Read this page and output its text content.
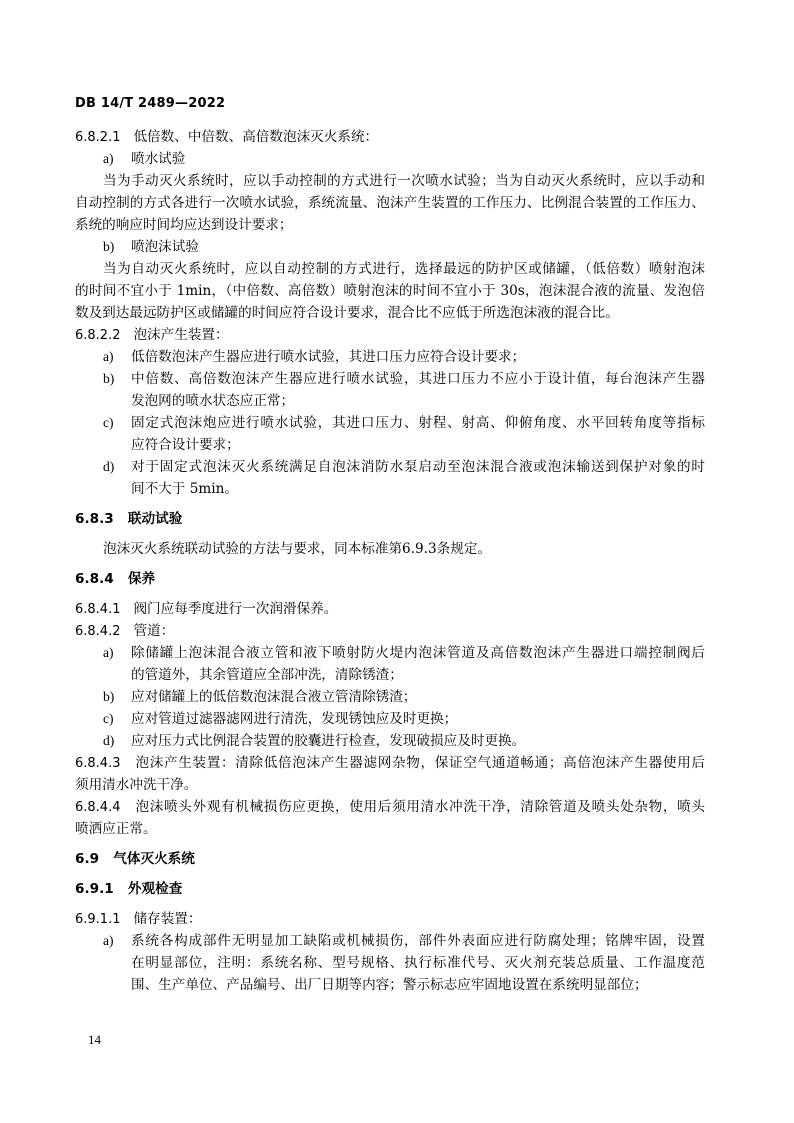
DB 14/T 2489—2022
6.8.2.1 低倍数、中倍数、高倍数泡沫灭火系统：
a)	喷水试验
当为手动灭火系统时，应以手动控制的方式进行一次喷水试验；当为自动灭火系统时，应以手动和
自动控制的方式各进行一次喷水试验，系统流量、泡沫产生装置的工作压力、比例混合装置的工作压力、
系统的响应时间均应达到设计要求；
b)	喷泡沫试验
当为自动灭火系统时，应以自动控制的方式进行，选择最远的防护区或储罐，（低倍数）喷射泡沫
的时间不宜小于 1min，（中倍数、高倍数）喷射泡沫的时间不宜小于 30s，泡沫混合液的流量、发泡倍
数及到达最远防护区或储罐的时间应符合设计要求，混合比不应低于所选泡沫液的混合比。
6.8.2.2 泡沫产生装置：
a)	低倍数泡沫产生器应进行喷水试验，其进口压力应符合设计要求；
b)	中倍数、高倍数泡沫产生器应进行喷水试验，其进口压力不应小于设计值，每台泡沫产生器
发泡网的喷水状态应正常；
c)	固定式泡沫炮应进行喷水试验，其进口压力、射程、射高、仰俯角度、水平回转角度等指标
应符合设计要求；
d)	对于固定式泡沫灭火系统满足自泡沫消防水泵启动至泡沫混合液或泡沫输送到保护对象的时
间不大于 5min。
6.8.3 联动试验
泡沫灭火系统联动试验的方法与要求，同本标准第6.9.3条规定。
6.8.4 保养
6.8.4.1 阀门应每季度进行一次润滑保养。
6.8.4.2 管道：
a)	除储罐上泡沫混合液立管和液下喷射防火堤内泡沫管道及高倍数泡沫产生器进口端控制阀后
的管道外，其余管道应全部冲洗，清除锈渣；
b)	应对储罐上的低倍数泡沫混合液立管清除锈渣；
c)	应对管道过滤器滤网进行清洗，发现锈蚀应及时更换；
d)	应对压力式比例混合装置的胶囊进行检查，发现破损应及时更换。
6.8.4.3 泡沫产生装置：清除低倍泡沫产生器滤网杂物，保证空气通道畅通；高倍泡沫产生器使用后
须用清水冲洗干净。
6.8.4.4 泡沫喷头外观有机械损伤应更换，使用后须用清水冲洗干净，清除管道及喷头处杂物，喷头
喷洒应正常。
6.9 气体灭火系统
6.9.1 外观检查
6.9.1.1 储存装置：
a)	系统各构成部件无明显加工缺陷或机械损伤，部件外表面应进行防腐处理；铭牌牢固，设置
在明显部位，注明：系统名称、型号规格、执行标准代号、灭火剂充装总质量、工作温度范
围、生产单位、产品编号、出厂日期等内容；警示标志应牢固地设置在系统明显部位；
14
